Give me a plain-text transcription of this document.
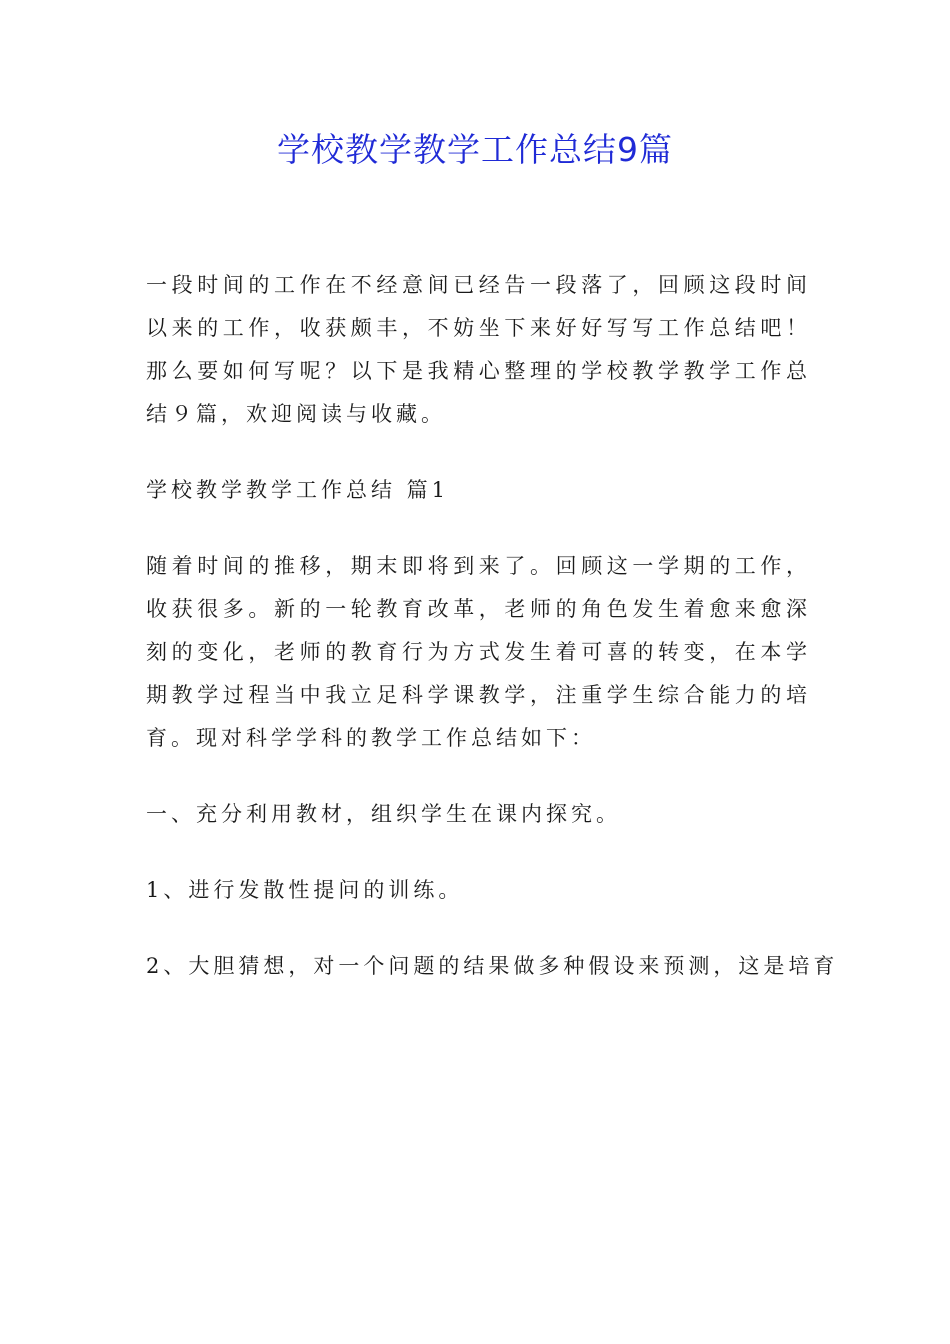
学校教学教学工作总结9篇

一段时间的工作在不经意间已经告一段落了，回顾这段时间以来的工作，收获颇丰，不妨坐下来好好写写工作总结吧！那么要如何写呢？以下是我精心整理的学校教学教学工作总结９篇，欢迎阅读与收藏。

学校教学教学工作总结 篇1

随着时间的推移，期末即将到来了。回顾这一学期的工作，收获很多。新的一轮教育改革，老师的角色发生着愈来愈深刻的变化，老师的教育行为方式发生着可喜的转变，在本学期教学过程当中我立足科学课教学，注重学生综合能力的培育。现对科学学科的教学工作总结如下：

一、充分利用教材，组织学生在课内探究。

1、进行发散性提问的训练。

2、大胆猜想，对一个问题的结果做多种假设来预测，这是培育
